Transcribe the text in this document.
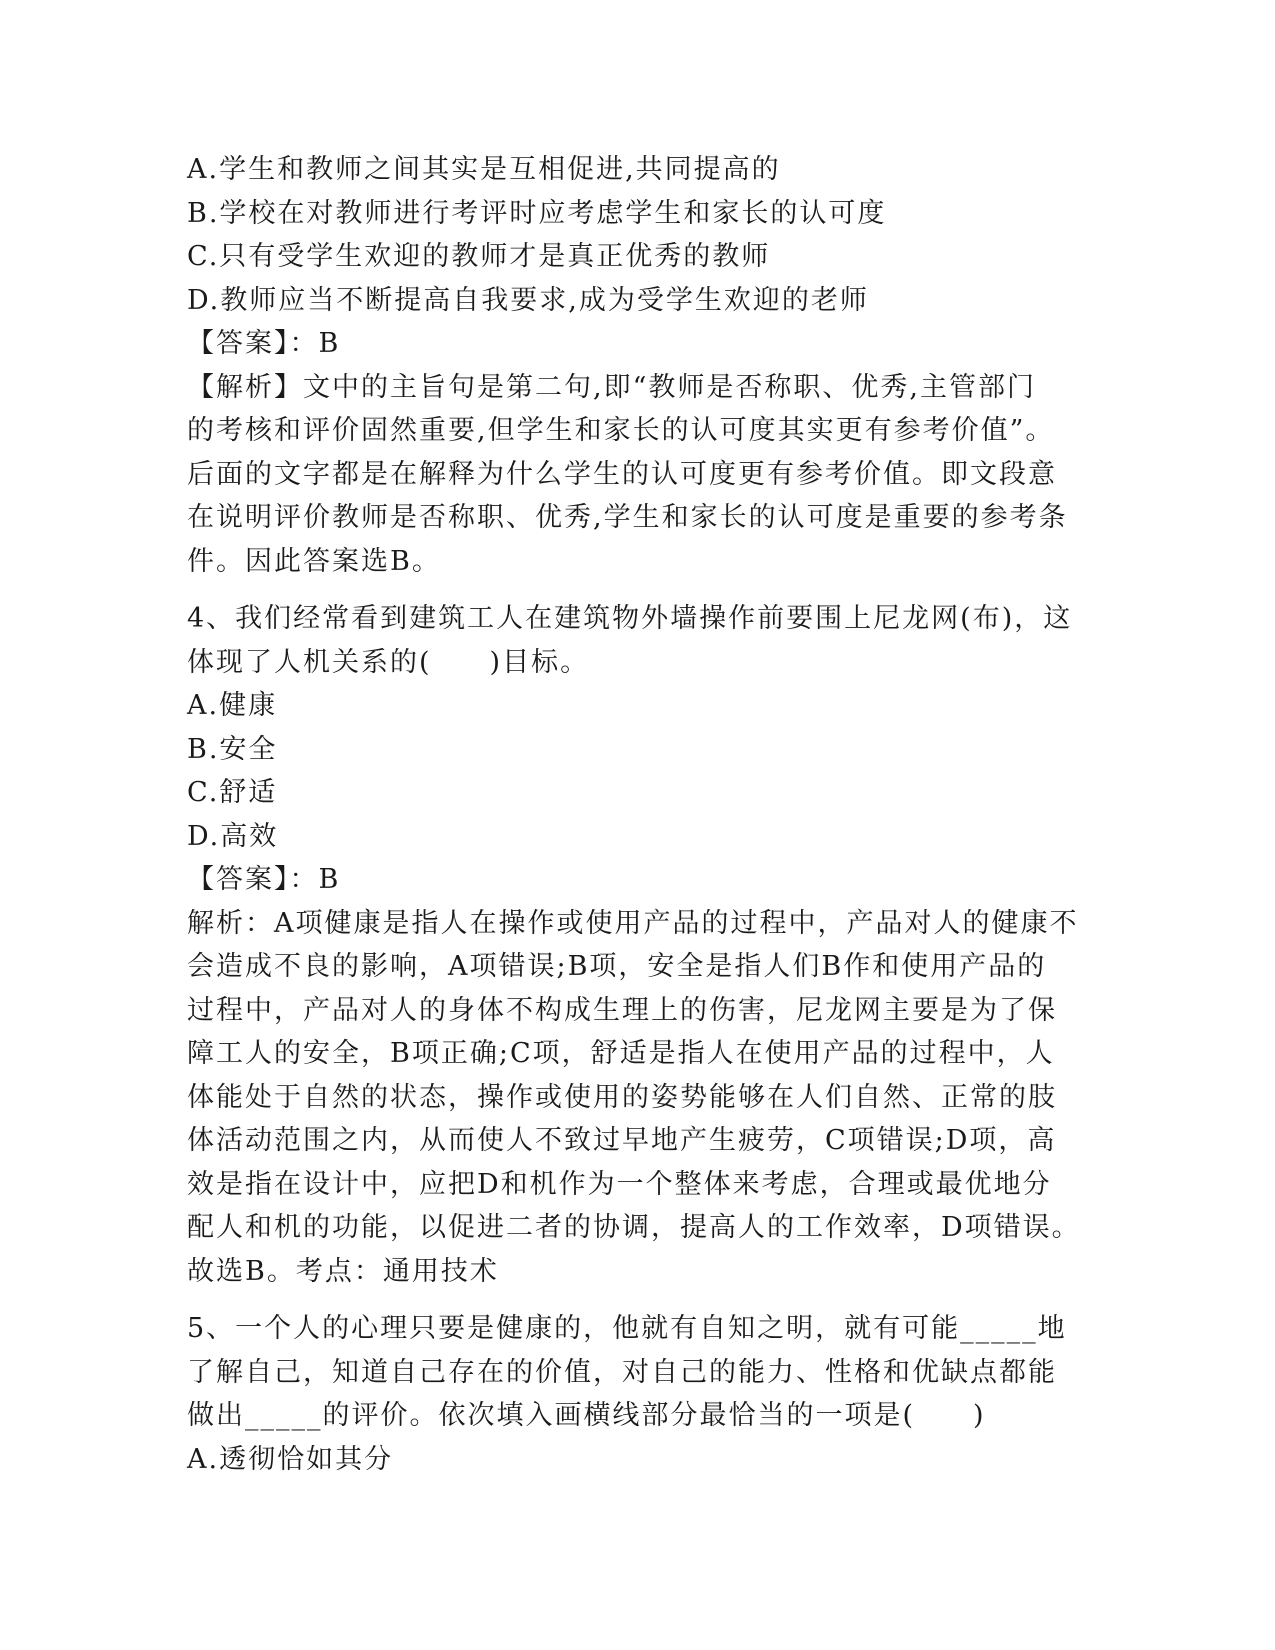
A.学生和教师之间其实是互相促进,共同提高的
B.学校在对教师进行考评时应考虑学生和家长的认可度
C.只有受学生欢迎的教师才是真正优秀的教师
D.教师应当不断提高自我要求,成为受学生欢迎的老师
【答案】：B
【解析】文中的主旨句是第二句,即“教师是否称职、优秀,主管部门
的考核和评价固然重要,但学生和家长的认可度其实更有参考价值”。
后面的文字都是在解释为什么学生的认可度更有参考价值。即文段意
在说明评价教师是否称职、优秀,学生和家长的认可度是重要的参考条
件。因此答案选B。
4、我们经常看到建筑工人在建筑物外墙操作前要围上尼龙网(布)，这
体现了人机关系的(　　)目标。
A.健康
B.安全
C.舒适
D.高效
【答案】：B
解析：A项健康是指人在操作或使用产品的过程中，产品对人的健康不
会造成不良的影响，A项错误;B项，安全是指人们B作和使用产品的
过程中，产品对人的身体不构成生理上的伤害，尼龙网主要是为了保
障工人的安全，B项正确;C项，舒适是指人在使用产品的过程中，人
体能处于自然的状态，操作或使用的姿势能够在人们自然、正常的肢
体活动范围之内，从而使人不致过早地产生疲劳，C项错误;D项，高
效是指在设计中，应把D和机作为一个整体来考虑，合理或最优地分
配人和机的功能，以促进二者的协调，提高人的工作效率，D项错误。
故选B。考点：通用技术
5、一个人的心理只要是健康的，他就有自知之明，就有可能_____地
了解自己，知道自己存在的价值，对自己的能力、性格和优缺点都能
做出_____的评价。依次填入画横线部分最恰当的一项是(　　)
A.透彻恰如其分
